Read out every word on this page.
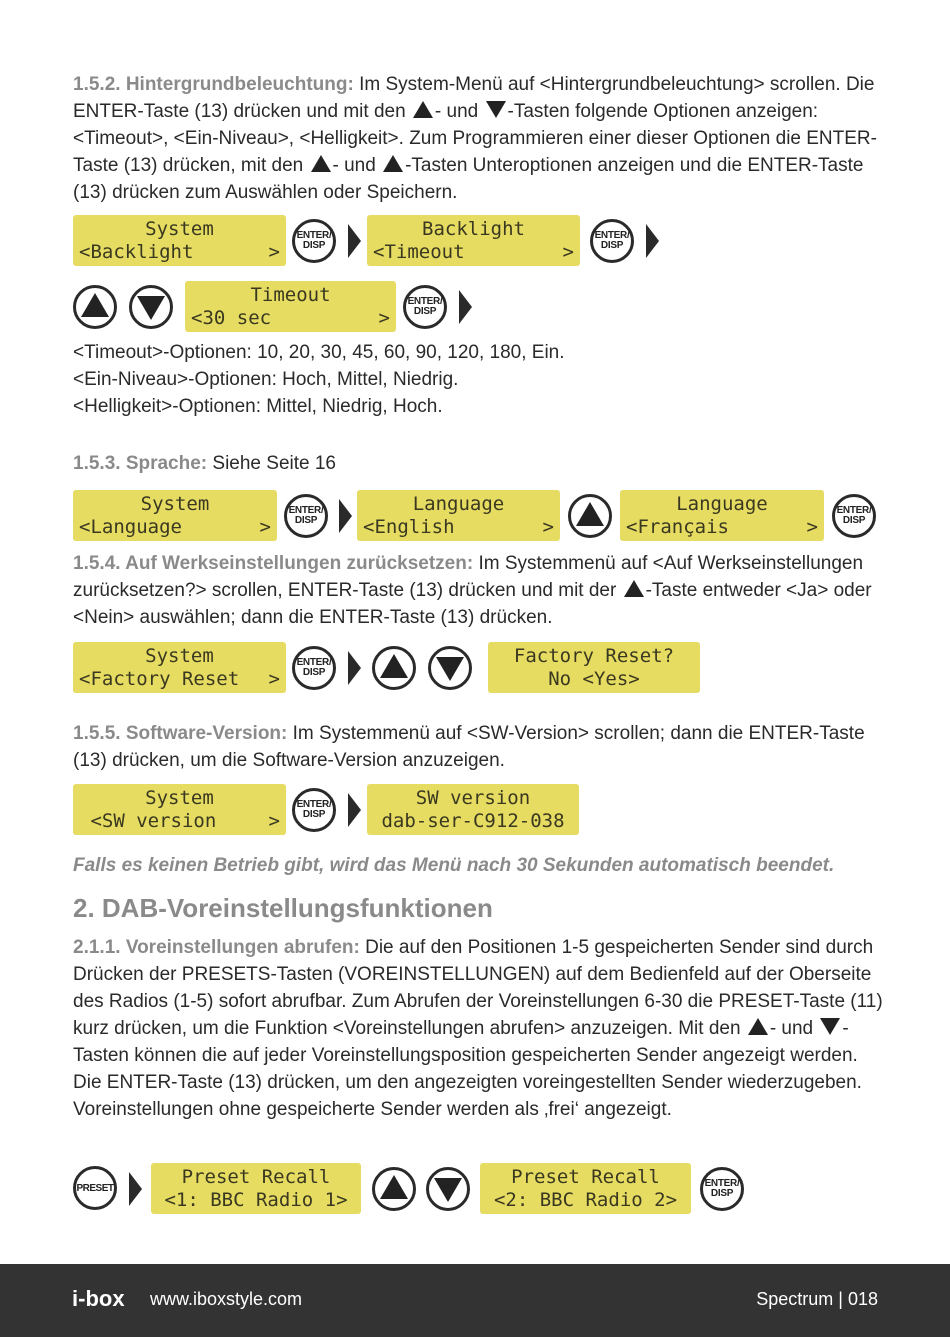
1.5.2. Hintergrundbeleuchtung: Im System-Menü auf <Hintergrundbeleuchtung> scrollen. Die ENTER-Taste (13) drücken und mit den - und -Tasten folgende Optionen anzeigen: <Timeout>, <Ein-Niveau>, <Helligkeit>. Zum Programmieren einer dieser Optionen die ENTER-Taste (13) drücken, mit den - und -Tasten Unteroptionen anzeigen und die ENTER-Taste (13) drücken zum Auswählen oder Speichern.

System
<Backlight	>
ENTER/
DISP
Backlight
<Timeout	>
ENTER/
DISP
Timeout
<30 sec	>
ENTER/
DISP
<Timeout>-Optionen: 10, 20, 30, 45, 60, 90, 120, 180, Ein.
<Ein-Niveau>-Optionen: Hoch, Mittel, Niedrig.
<Helligkeit>-Optionen: Mittel, Niedrig, Hoch.

1.5.3. Sprache: Siehe Seite 16

System
<Language	>
ENTER/
DISP
Language
<English	>
Language
<Français	>
ENTER/
DISP

1.5.4. Auf Werkseinstellungen zurücksetzen: Im Systemmenü auf <Auf Werkseinstellungen zurücksetzen?> scrollen, ENTER-Taste (13) drücken und mit der -Taste entweder <Ja> oder <Nein> auswählen; dann die ENTER-Taste (13) drücken.

System
<Factory Reset >
ENTER/
DISP
Factory Reset?
No <Yes>

1.5.5. Software-Version: Im Systemmenü auf <SW-Version> scrollen; dann die ENTER-Taste (13) drücken, um die Software-Version anzuzeigen.

System
<SW version	>
ENTER/
DISP
SW version
dab-ser-C912-038
Falls es keinen Betrieb gibt, wird das Menü nach 30 Sekunden automatisch beendet.
2. DAB-Voreinstellungsfunktionen

2.1.1. Voreinstellungen abrufen: Die auf den Positionen 1-5 gespeicherten Sender sind durch Drücken der PRESETS-Tasten (VOREINSTELLUNGEN) auf dem Bedienfeld auf der Oberseite des Radios (1-5) sofort abrufbar. Zum Abrufen der Voreinstellungen 6-30 die PRESET-Taste (11) kurz drücken, um die Funktion <Voreinstellungen abrufen> anzuzeigen. Mit den - und -Tasten können die auf jeder Voreinstellungsposition gespeicherten Sender angezeigt werden. Die ENTER-Taste (13) drücken, um den angezeigten voreingestellten Sender wiederzugeben. Voreinstellungen ohne gespeicherte Sender werden als ‚frei‘ angezeigt.

PRESET	Preset Recall
<1: BBC Radio 1>
Preset Recall
<2: BBC Radio 2>
ENTER/
DISP
i-box www.iboxstyle.com	Spectrum | 018
